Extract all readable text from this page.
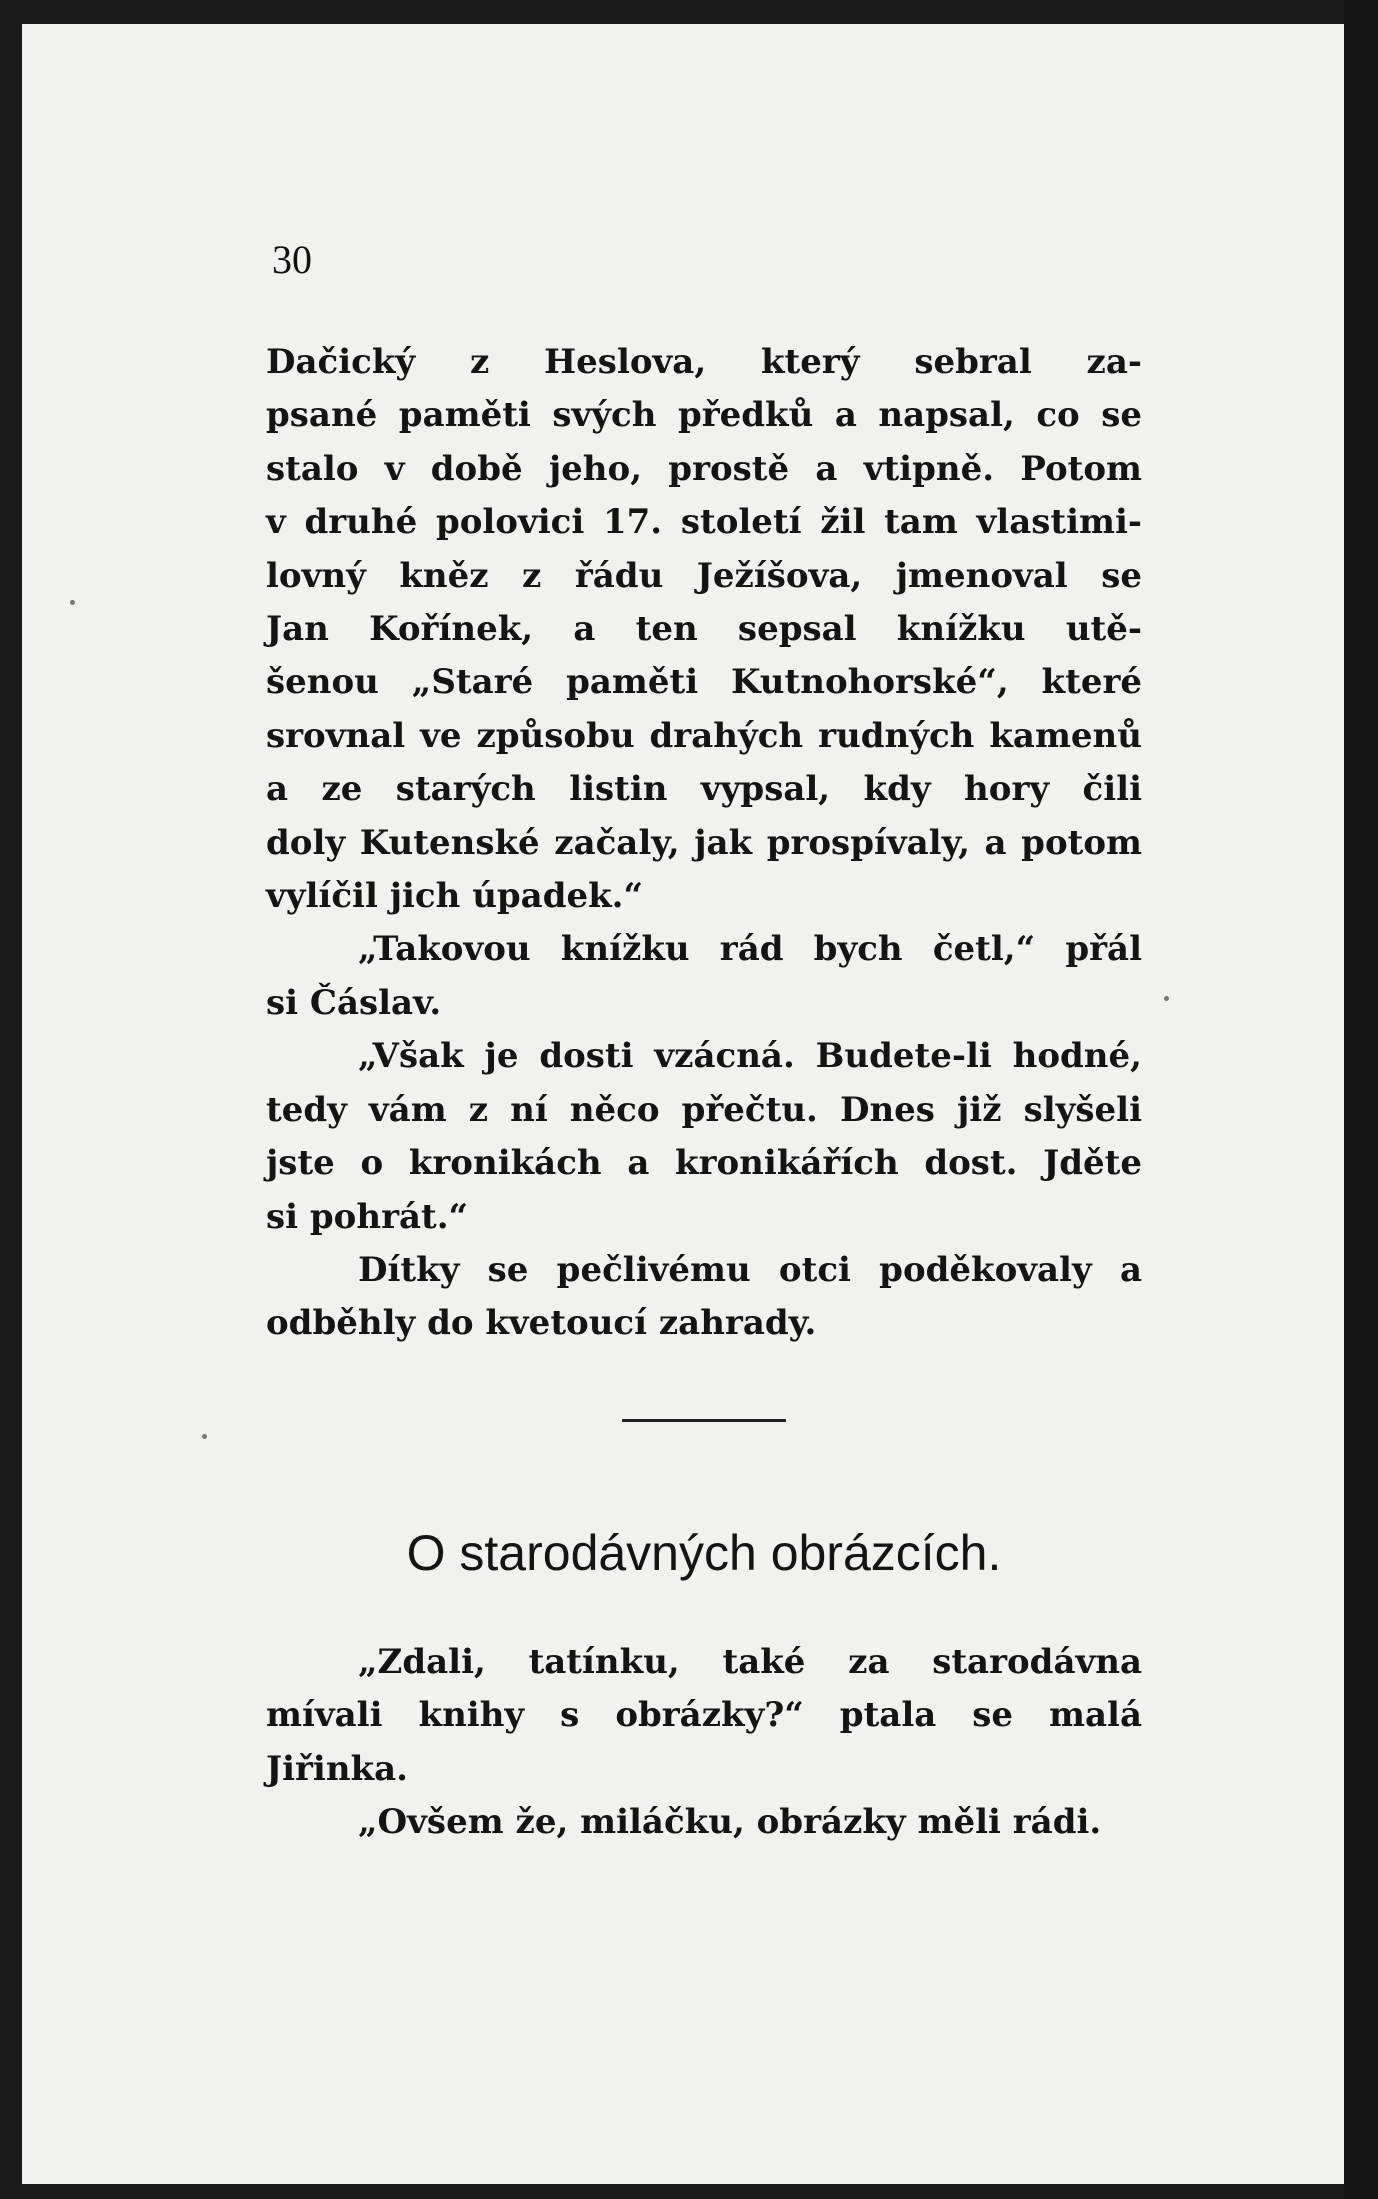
30
Dačický z Heslova, který sebral za-
psané paměti svých předků a napsal, co se
stalo v době jeho, prostě a vtipně. Potom
v druhé polovici 17. století žil tam vlastimi-
lovný kněz z řádu Ježíšova, jmenoval se
Jan Kořínek, a ten sepsal knížku utě-
šenou „Staré paměti Kutnohorské“, které
srovnal ve způsobu drahých rudných kamenů
a ze starých listin vypsal, kdy hory čili
doly Kutenské začaly, jak prospívaly, a potom
vylíčil jich úpadek.“
„Takovou knížku rád bych četl,“ přál
si Čáslav.
„Však je dosti vzácná. Budete-li hodné,
tedy vám z ní něco přečtu. Dnes již slyšeli
jste o kronikách a kronikářích dost. Jděte
si pohrát.“
Dítky se pečlivému otci poděkovaly a
odběhly do kvetoucí zahrady.
O starodávných obrázcích.
„Zdali, tatínku, také za starodávna
mívali knihy s obrázky?“ ptala se malá
Jiřinka.
„Ovšem že, miláčku, obrázky měli rádi.
